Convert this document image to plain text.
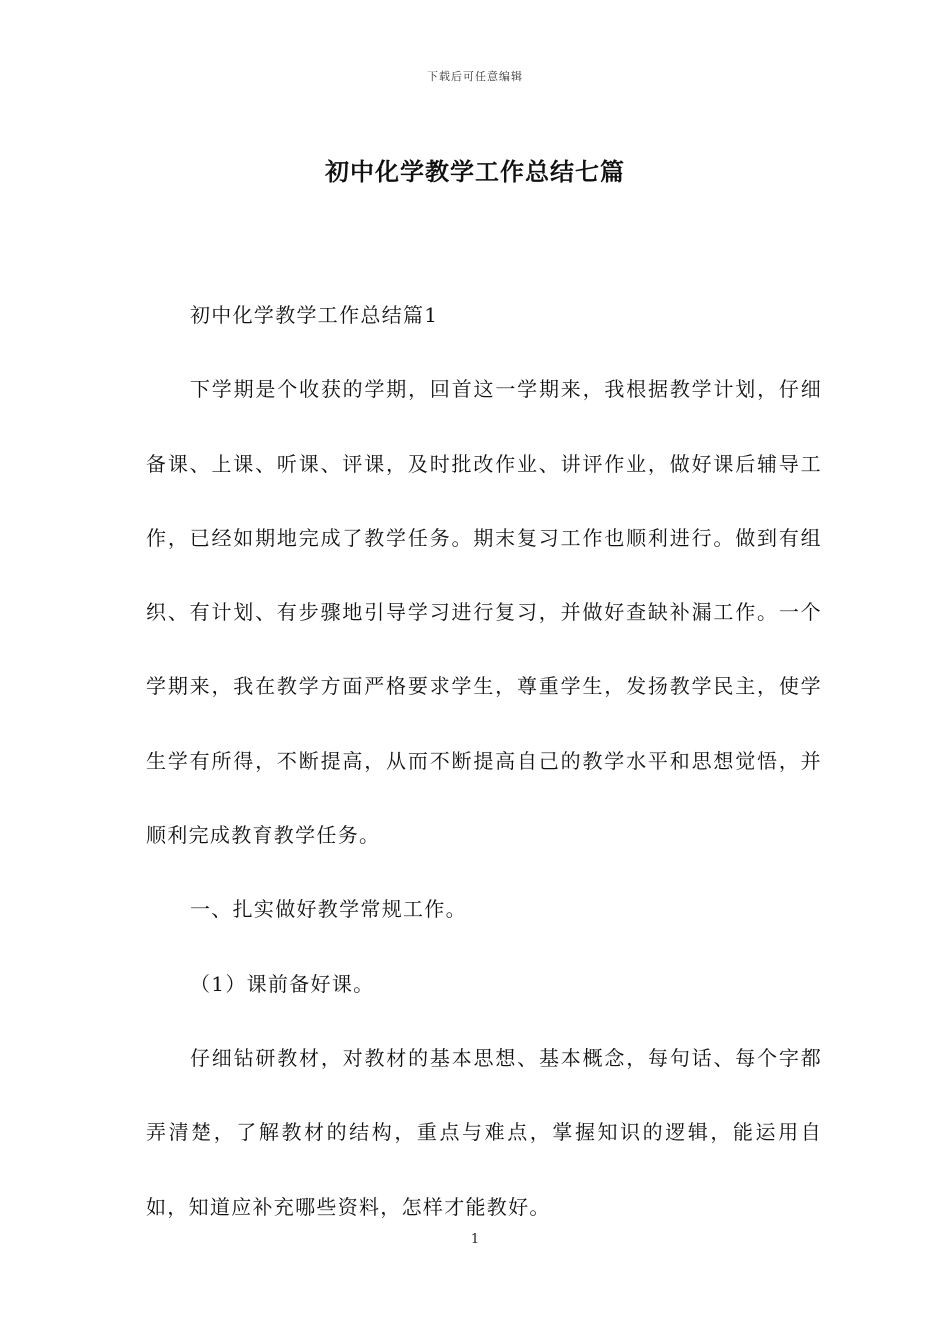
下载后可任意编辑
初中化学教学工作总结七篇

初中化学教学工作总结篇1

下学期是个收获的学期，回首这一学期来，我根据教学计划，仔细备课、上课、听课、评课，及时批改作业、讲评作业，做好课后辅导工作，已经如期地完成了教学任务。期末复习工作也顺利进行。做到有组织、有计划、有步骤地引导学习进行复习，并做好查缺补漏工作。一个学期来，我在教学方面严格要求学生，尊重学生，发扬教学民主，使学生学有所得，不断提高，从而不断提高自己的教学水平和思想觉悟，并顺利完成教育教学任务。

一、扎实做好教学常规工作。

（1）课前备好课。

仔细钻研教材，对教材的基本思想、基本概念，每句话、每个字都弄清楚，了解教材的结构，重点与难点，掌握知识的逻辑，能运用自如，知道应补充哪些资料，怎样才能教好。

1
